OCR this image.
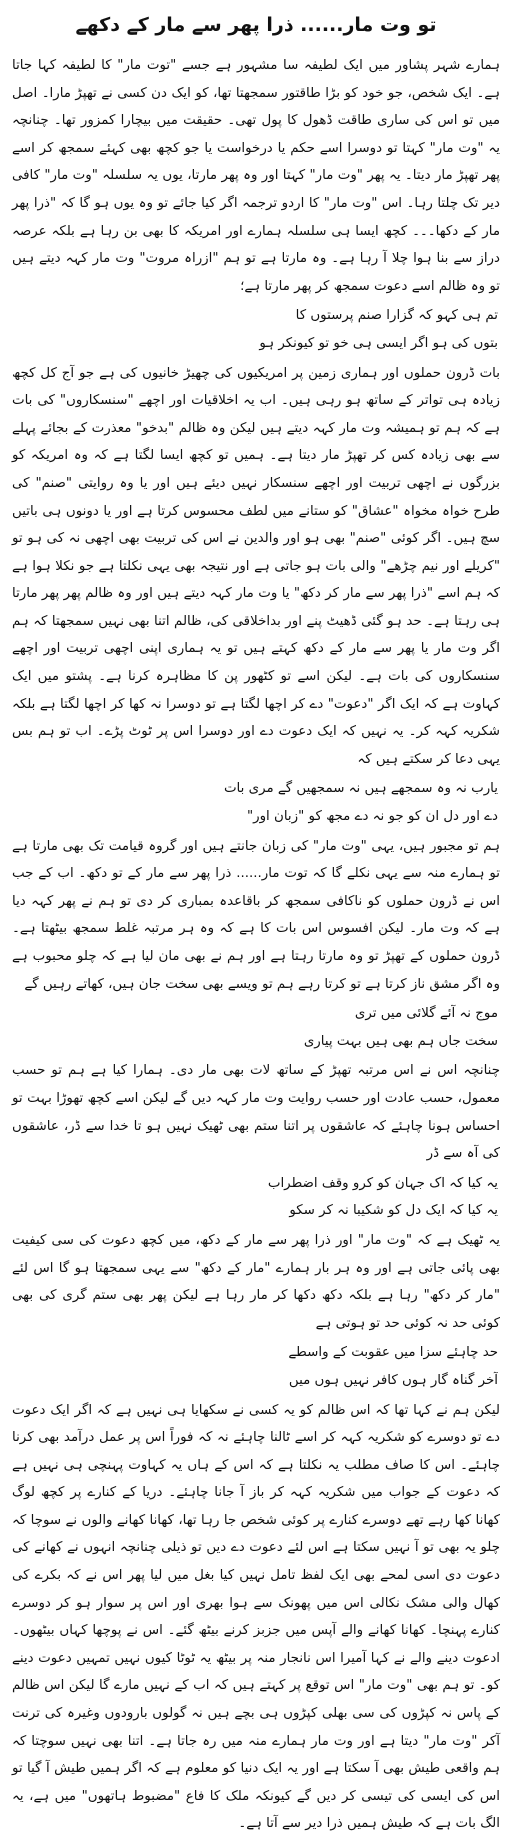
تو وت مار...... ذرا پھر سے مار کے دکھے
ہمارے شہر پشاور میں ایک لطیفہ سا مشہور ہے جسے "توت مار" کا لطیفہ کہا جاتا ہے۔ ایک شخص، جو خود کو بڑا طاقتور سمجھتا تھا، کو ایک دن کسی نے تھپڑ مارا۔ اصل میں تو اس کی ساری طاقت ڈھول کا پول تھی۔ حقیقت میں بیچارا کمزور تھا۔ چنانچہ یہ "وت مار" کہتا تو دوسرا اسے حکم یا درخواست یا جو کچھ بھی کہئے سمجھ کر اسے پھر تھپڑ مار دیتا۔ یہ پھر "وت مار" کہتا اور وہ پھر مارتا، یوں یہ سلسلہ "وت مار" کافی دیر تک چلتا رہا۔ اس "وت مار" کا اردو ترجمہ اگر کیا جائے تو وہ یوں ہو گا کہ "ذرا پھر مار کے دکھا۔۔۔ کچھ ایسا ہی سلسلہ ہمارے اور امریکہ کا بھی بن رہا ہے بلکہ عرصہ دراز سے بنا ہوا چلا آ رہا ہے۔ وہ مارتا ہے تو ہم "ازراہ مروت" وت مار کہہ دیتے ہیں تو وہ ظالم اسے دعوت سمجھ کر پھر مارتا ہے؛
تم ہی کہو کہ گزارا صنم پرستوں کا
بتوں کی ہو اگر ایسی ہی خو تو کیونکر ہو
بات ڈرون حملوں اور ہماری زمین پر امریکیوں کی چھیڑ خانیوں کی ہے جو آج کل کچھ زیادہ ہی تواتر کے ساتھ ہو رہی ہیں۔ اب یہ اخلاقیات اور اچھے "سنسکاروں" کی بات ہے کہ ہم تو ہمیشہ وت مار کہہ دیتے ہیں لیکن وہ ظالم "بدخو" معذرت کے بجائے پہلے سے بھی زیادہ کس کر تھپڑ مار دیتا ہے۔ ہمیں تو کچھ ایسا لگتا ہے کہ وہ امریکہ کو بزرگوں نے اچھی تربیت اور اچھے سنسکار نہیں دیئے ہیں اور یا وہ روایتی "صنم" کی طرح خواہ مخواہ "عشاق" کو ستانے میں لطف محسوس کرتا ہے اور یا دونوں ہی باتیں سچ ہیں۔ اگر کوئی "صنم" بھی ہو اور والدین نے اس کی تربیت بھی اچھی نہ کی ہو تو "کریلے اور نیم چڑھے" والی بات ہو جاتی ہے اور نتیجہ بھی یہی نکلتا ہے جو نکلا ہوا ہے کہ ہم اسے "ذرا پھر سے مار کر دکھ" یا وت مار کہہ دیتے ہیں اور وہ ظالم پھر پھر مارتا ہی رہتا ہے۔ حد ہو گئی ڈھیٹ پنے اور بداخلاقی کی، ظالم اتنا بھی نہیں سمجھتا کہ ہم اگر وت مار یا پھر سے مار کے دکھ کہتے ہیں تو یہ ہماری اپنی اچھی تربیت اور اچھے سنسکاروں کی بات ہے۔ لیکن اسے تو کٹھور پن کا مظاہرہ کرنا ہے۔ پشتو میں ایک کہاوت ہے کہ ایک اگر "دعوت" دے کر اچھا لگتا ہے تو دوسرا نہ کھا کر اچھا لگتا ہے بلکہ شکریہ کہہ کر۔ یہ نہیں کہ ایک دعوت دے اور دوسرا اس پر ٹوٹ پڑے۔ اب تو ہم بس یہی دعا کر سکتے ہیں کہ
یارب نہ وہ سمجھے ہیں نہ سمجھیں گے مری بات
دے اور دل ان کو جو نہ دے مجھ کو "زبان اور"
ہم تو مجبور ہیں، یہی "وت مار" کی زبان جانتے ہیں اور گروہ قیامت تک بھی مارتا ہے تو ہمارے منہ سے یہی نکلے گا کہ توت مار...... ذرا پھر سے مار کے تو دکھ۔ اب کے جب اس نے ڈرون حملوں کو ناکافی سمجھ کر باقاعدہ بمباری کر دی تو ہم نے پھر کہہ دیا ہے کہ وت مار۔ لیکن افسوس اس بات کا ہے کہ وہ ہر مرتبہ غلط سمجھ بیٹھتا ہے۔ ڈرون حملوں کے تھپڑ تو وہ مارتا رہتا ہے اور ہم نے بھی مان لیا ہے کہ چلو محبوب ہے وہ اگر مشق ناز کرتا ہے تو کرتا رہے ہم تو ویسے بھی سخت جان ہیں، کھاتے رہیں گے
موج نہ آئے گلائی میں تری
سخت جاں ہم بھی ہیں بہت پیاری
چنانچہ اس نے اس مرتبہ تھپڑ کے ساتھ لات بھی مار دی۔ ہمارا کیا ہے ہم تو حسب معمول، حسب عادت اور حسب روایت وت مار کہہ دیں گے لیکن اسے کچھ تھوڑا بہت تو احساس ہونا چاہئے کہ عاشقوں پر اتنا ستم بھی ٹھیک نہیں ہو تا خدا سے ڈر، عاشقوں کی آہ سے ڈر
یہ کیا کہ اک جہان کو کرو وقف اضطراب
یہ کیا کہ ایک دل کو شکیبا نہ کر سکو
یہ ٹھیک ہے کہ "وت مار" اور ذرا پھر سے مار کے دکھ، میں کچھ دعوت کی سی کیفیت بھی پائی جاتی ہے اور وہ ہر بار ہمارے "مار کے دکھ" سے یہی سمجھتا ہو گا اس لئے "مار کر دکھ" رہا ہے بلکہ دکھ دکھا کر مار رہا ہے لیکن پھر بھی ستم گری کی بھی کوئی حد نہ کوئی حد تو ہوتی ہے
حد چاہئے سزا میں عقوبت کے واسطے
آخر گناہ گار ہوں کافر نہیں ہوں میں
لیکن ہم نے کہا تھا کہ اس ظالم کو یہ کسی نے سکھایا ہی نہیں ہے کہ اگر ایک دعوت دے تو دوسرے کو شکریہ کہہ کر اسے ٹالنا چاہئے نہ کہ فوراً اس پر عمل درآمد بھی کرنا چاہئے۔ اس کا صاف مطلب یہ نکلتا ہے کہ اس کے ہاں یہ کہاوت پہنچی ہی نہیں ہے کہ دعوت کے جواب میں شکریہ کہہ کر باز آ جانا چاہئے۔ دریا کے کنارے پر کچھ لوگ کھانا کھا رہے تھے دوسرے کنارے پر کوئی شخص جا رہا تھا، کھانا کھانے والوں نے سوچا کہ چلو یہ بھی تو آ نہیں سکتا ہے اس لئے دعوت دے دیں تو ذیلی چنانچہ انہوں نے کھانے کی دعوت دی اسی لمحے بھی ایک لفظ تامل نہیں کیا بغل میں لیا پھر اس نے کہ بکرے کی کھال والی مشک نکالی اس میں پھونک سے ہوا بھری اور اس پر سوار ہو کر دوسرے کنارے پہنچا۔ کھانا کھانے والے آپس میں جزبز کرنے بیٹھ گئے۔ اس نے پوچھا کہاں بیٹھوں۔ ادعوت دینے والے نے کہا آمیرا اس نانجار منہ پر بیٹھ یہ ٹوٹا کیوں نہیں تمہیں دعوت دینے کو۔ تو ہم بھی "وت مار" اس توقع پر کہتے ہیں کہ اب کے نہیں مارے گا لیکن اس ظالم کے پاس نہ کپڑوں کی سی بھلی کپڑوں ہی بچے ہیں نہ گولوں بارودوں وغیرہ کی ترنت آکر "وت مار" دیتا ہے اور وت مار ہمارے منہ میں رہ جاتا ہے۔ اتنا بھی نہیں سوچتا کہ ہم واقعی طیش بھی آ سکتا ہے اور یہ ایک دنیا کو معلوم ہے کہ اگر ہمیں طیش آ گیا تو اس کی ایسی کی تیسی کر دیں گے کیونکہ ملک کا فاع "مضبوط ہاتھوں" میں ہے، یہ الگ بات ہے کہ طیش ہمیں ذرا دیر سے آتا ہے۔
